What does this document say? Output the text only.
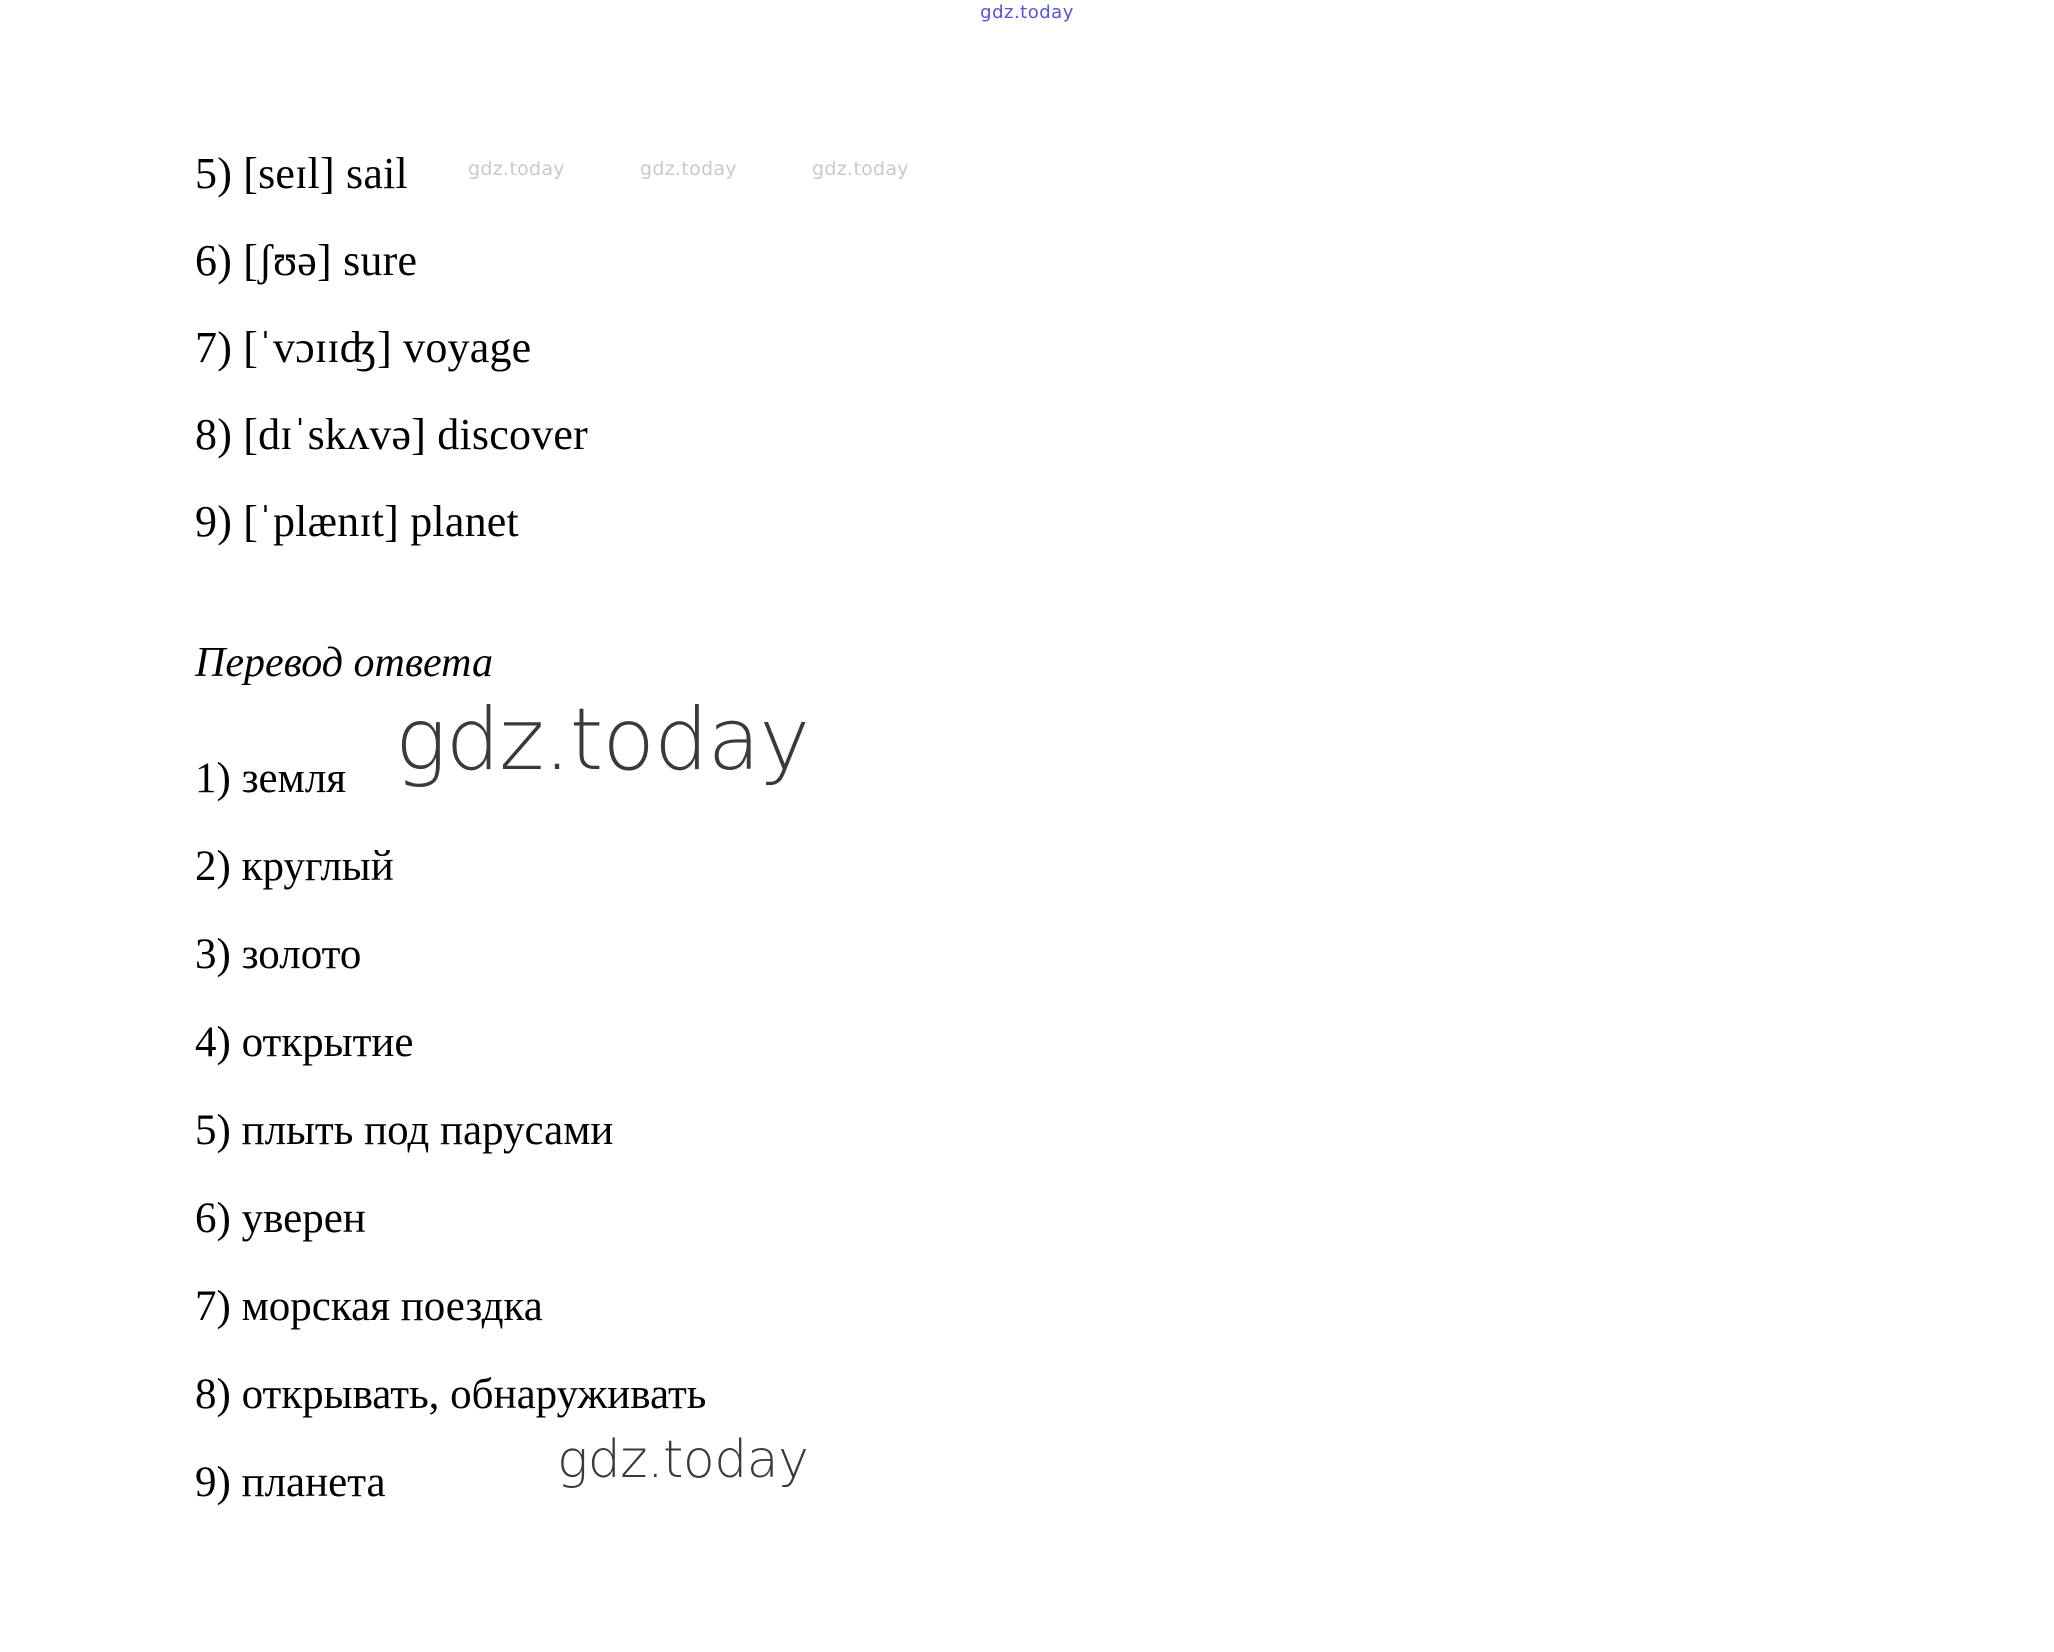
gdz.today
gdz.today	gdz.today	gdz.today
gdz.today
gdz.today
5) [seɪl] sail
6) [ʃʊə] sure
7) [ˈvɔɪɪʤ] voyage
8) [dɪˈskʌvə] discover
9) [ˈplænɪt] planet
Перевод ответа
1) земля
2) круглый
3) золото
4) открытие
5) плыть под парусами
6) уверен
7) морская поездка
8) открывать, обнаруживать
9) планета
